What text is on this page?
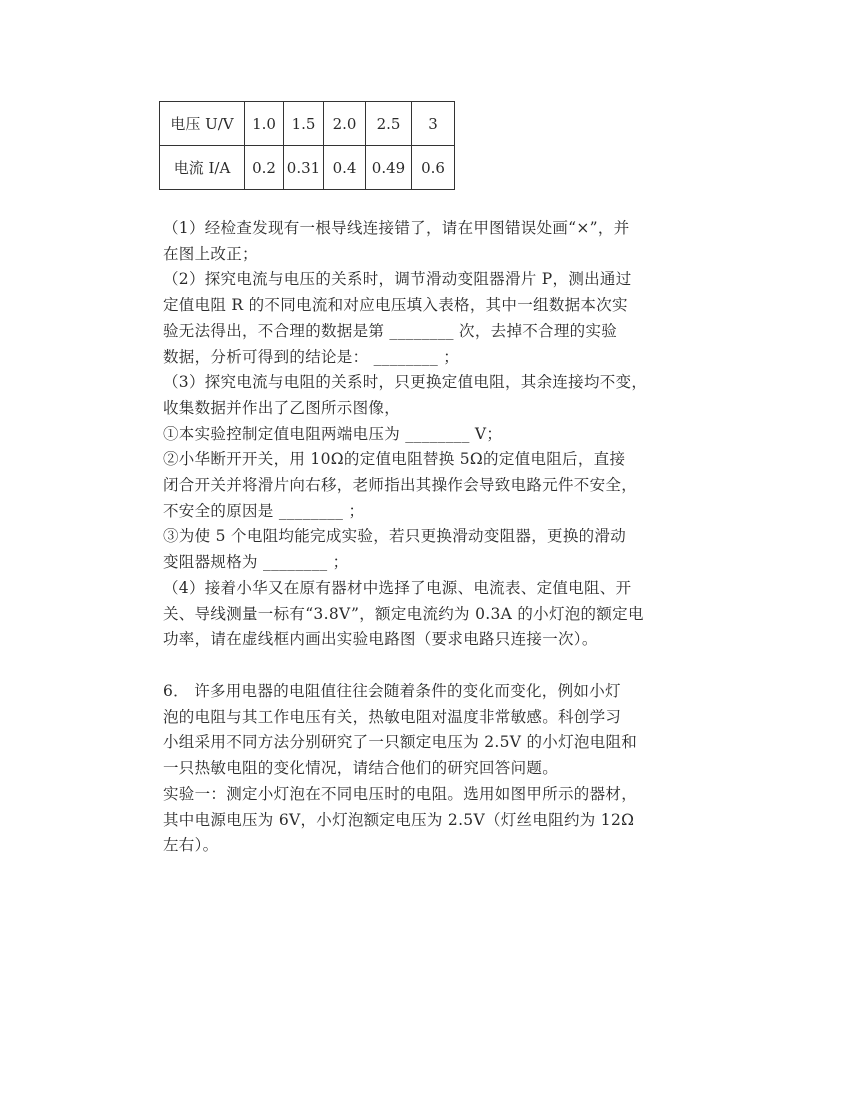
电压 U/V	1.0	1.5	2.0	2.5	3
电流 I/A	0.2	0.31	0.4	0.49	0.6
（1）经检查发现有一根导线连接错了，请在甲图错误处画“×”，并
在图上改正；
（2）探究电流与电压的关系时，调节滑动变阻器滑片 P，测出通过
定值电阻 R 的不同电流和对应电压填入表格，其中一组数据本次实
验无法得出，不合理的数据是第 ________ 次，去掉不合理的实验
数据，分析可得到的结论是： ________ ；
（3）探究电流与电阻的关系时，只更换定值电阻，其余连接均不变，
收集数据并作出了乙图所示图像，
①本实验控制定值电阻两端电压为 ________ V；
②小华断开开关，用 10Ω的定值电阻替换 5Ω的定值电阻后，直接
闭合开关并将滑片向右移，老师指出其操作会导致电路元件不安全，
不安全的原因是 ________ ；
③为使 5 个电阻均能完成实验，若只更换滑动变阻器，更换的滑动
变阻器规格为 ________ ；
（4）接着小华又在原有器材中选择了电源、电流表、定值电阻、开
关、导线测量一标有“3.8V”，额定电流约为 0.3A 的小灯泡的额定电
功率，请在虚线框内画出实验电路图（要求电路只连接一次）。
6． 许多用电器的电阻值往往会随着条件的变化而变化，例如小灯
泡的电阻与其工作电压有关，热敏电阻对温度非常敏感。科创学习
小组采用不同方法分别研究了一只额定电压为 2.5V 的小灯泡电阻和
一只热敏电阻的变化情况，请结合他们的研究回答问题。
实验一：测定小灯泡在不同电压时的电阻。选用如图甲所示的器材，
其中电源电压为 6V，小灯泡额定电压为 2.5V（灯丝电阻约为 12Ω
左右）。
